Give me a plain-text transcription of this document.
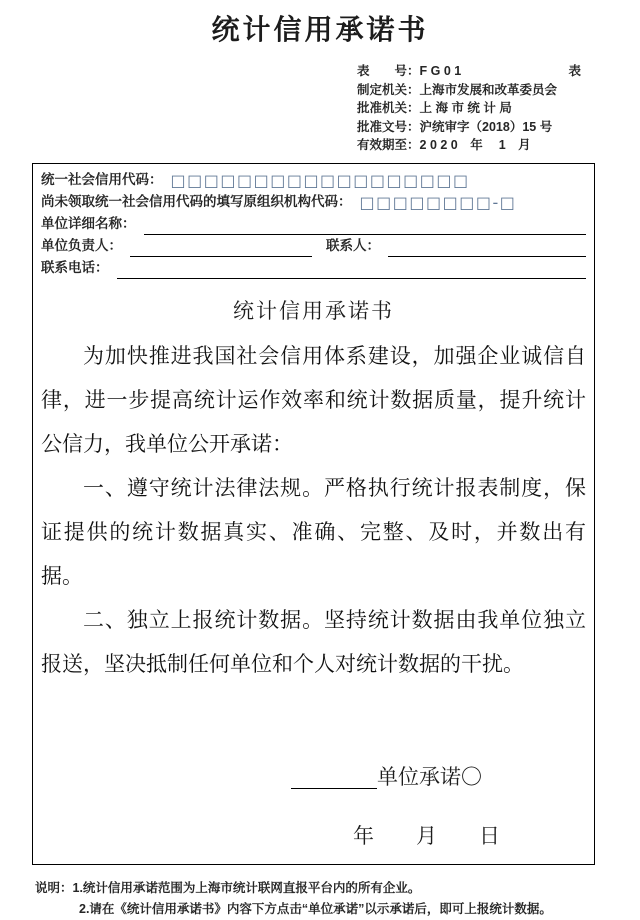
统计信用承诺书
表　　号： F G 0 1	表
制定机关： 上海市发展和改革委员会
批准机关： 上 海 市 统 计 局
批准文号： 沪统审字（2018）15 号
有效期至： 2 0 2 0　年　 1　月
统一社会信用代码： □□□□□□□□□□□□□□□□□□
尚未领取统一社会信用代码的填写原组织机构代码： □□□□□□□□-□
单位详细名称：
单位负责人：	联系人：
联系电话：
统计信用承诺书

为加快推进我国社会信用体系建设，加强企业诚信自律，进一步提高统计运作效率和统计数据质量，提升统计公信力，我单位公开承诺：

一、遵守统计法律法规。严格执行统计报表制度，保证提供的统计数据真实、准确、完整、及时，并数出有据。

二、独立上报统计数据。坚持统计数据由我单位独立报送，坚决抵制任何单位和个人对统计数据的干扰。

单位承诺〇

年　　月　　日

说明：1.统计信用承诺范围为上海市统计联网直报平台内的所有企业。

2.请在《统计信用承诺书》内容下方点击“单位承诺”以示承诺后，即可上报统计数据。
